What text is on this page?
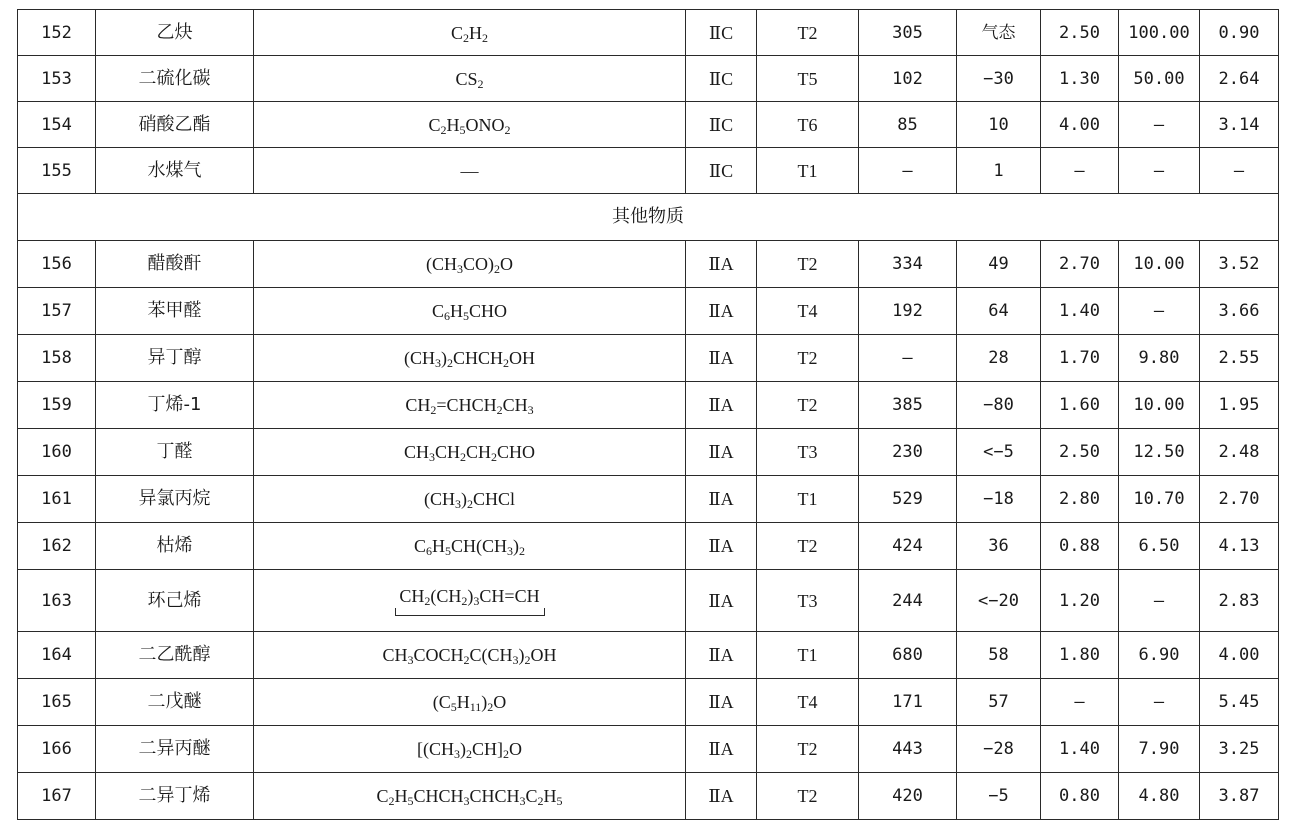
152	乙炔	$C_2H_2$	ⅡC	T2	305	气态	2.50	100.00	0.90
153	二硫化碳	$CS_2$	ⅡC	T5	102	−30	1.30	50.00	2.64
154	硝酸乙酯	$C_2H_5ONO_2$	ⅡC	T6	85	10	4.00	—	3.14
155	水煤气	—	ⅡC	T1	—	1	—	—	—
其他物质									
156	醋酸酐	$(CH_3CO)_2O$	ⅡA	T2	334	49	2.70	10.00	3.52
157	苯甲醛	$C_6H_5CHO$	ⅡA	T4	192	64	1.40	—	3.66
158	异丁醇	$(CH_3)_2CHCH_2OH$	ⅡA	T2	—	28	1.70	9.80	2.55
159	丁烯-1	$CH_2=CHCH_2CH_3$	ⅡA	T2	385	−80	1.60	10.00	1.95
160	丁醛	$CH_3CH_2CH_2CHO$	ⅡA	T3	230	<−5	2.50	12.50	2.48
161	异氯丙烷	$(CH_3)_2CHCl$	ⅡA	T1	529	−18	2.80	10.70	2.70
162	枯烯	$C_6H_5CH(CH_3)_2$	ⅡA	T2	424	36	0.88	6.50	4.13
163	环己烯	$CH_2(CH_2)_3CH=CH$	ⅡA	T3	244	<−20	1.20	—	2.83
164	二乙酰醇	$CH_3COCH_2C(CH_3)_2OH$	ⅡA	T1	680	58	1.80	6.90	4.00
165	二戊醚	$(C_5H_{11})_2O$	ⅡA	T4	171	57	—	—	5.45
166	二异丙醚	$[(CH_3)_2CH]_2O$	ⅡA	T2	443	−28	1.40	7.90	3.25
167	二异丁烯	$C_2H_5CHCH_3CHCH_3C_2H_5$	ⅡA	T2	420	−5	0.80	4.80	3.87
